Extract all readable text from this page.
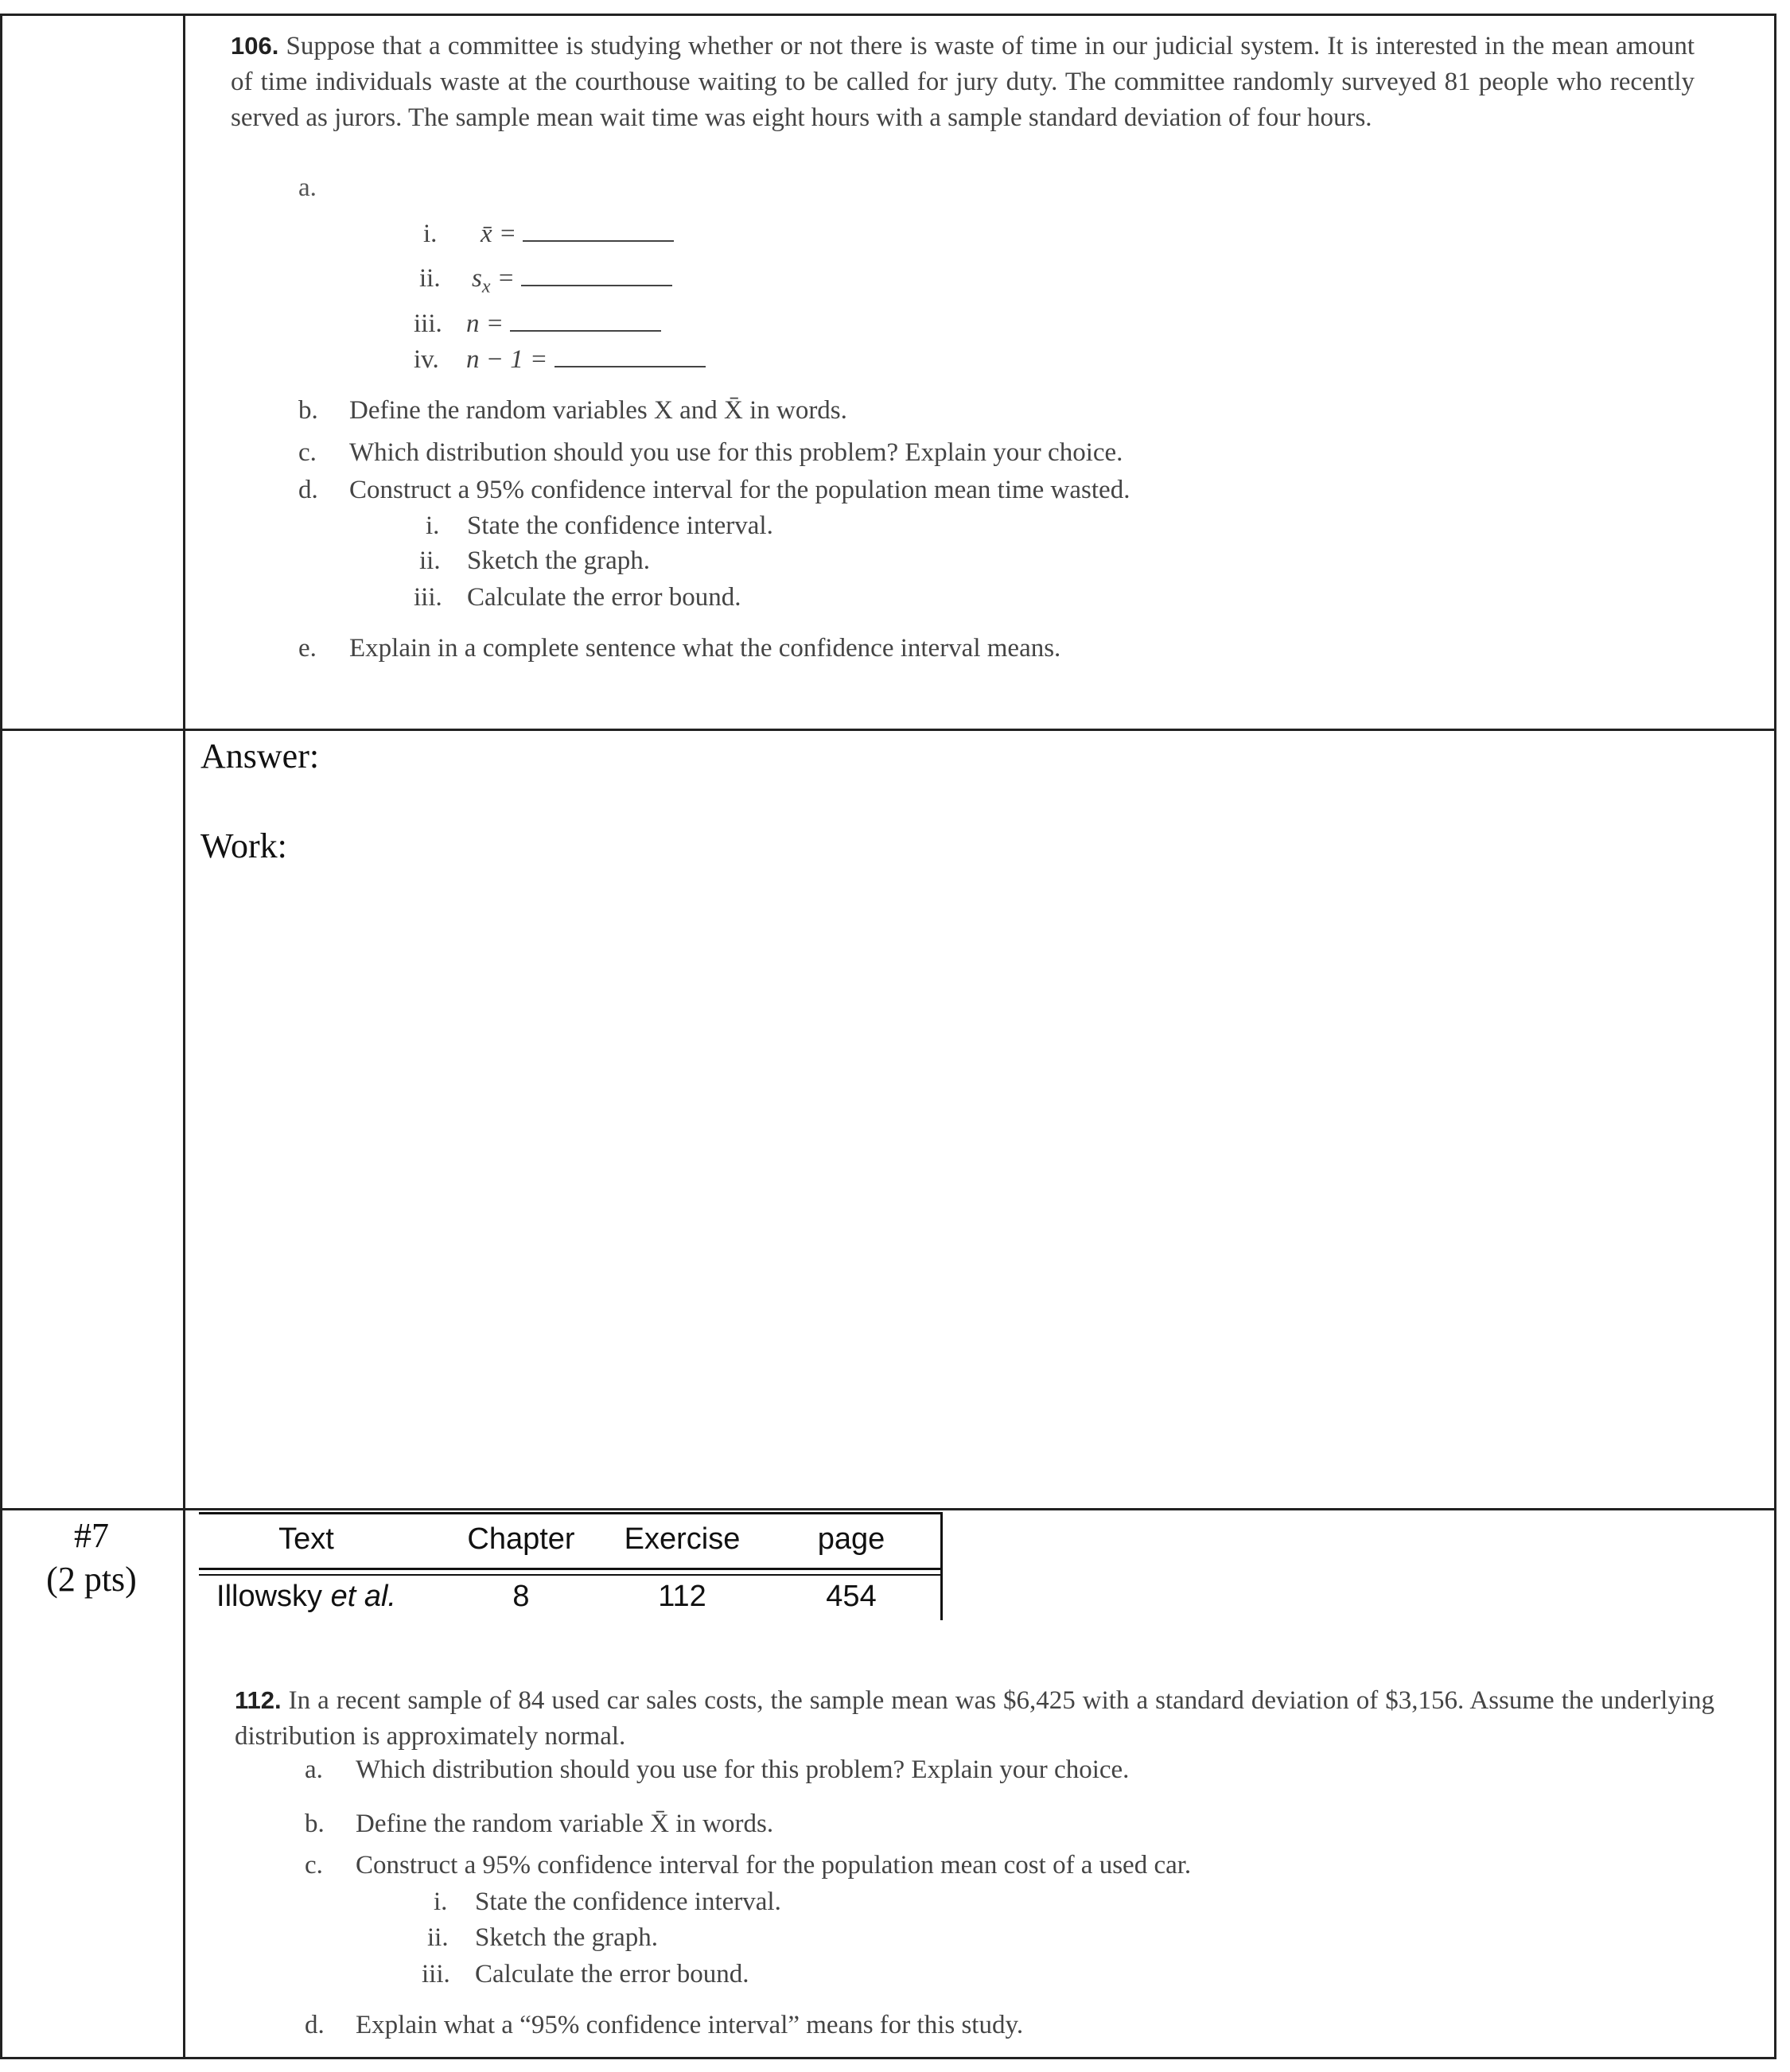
106. Suppose that a committee is studying whether or not there is waste of time in our judicial system. It is interested in the mean amount of time individuals waste at the courthouse waiting to be called for jury duty. The committee randomly surveyed 81 people who recently served as jurors. The sample mean wait time was eight hours with a sample standard deviation of four hours.
a.
i. x̄ =
ii. $s_x$ =
iii. n =
iv. n − 1 =
b. Define the random variables X and X̄ in words.
c. Which distribution should you use for this problem? Explain your choice.
d. Construct a 95% confidence interval for the population mean time wasted.
i. State the confidence interval.
ii. Sketch the graph.
iii. Calculate the error bound.
e. Explain in a complete sentence what the confidence interval means.
Answer:
Work:
#7
(2 pts)
Text	Chapter	Exercise	page
Illowsky et al.	8	112	454
112. In a recent sample of 84 used car sales costs, the sample mean was $6,425 with a standard deviation of $3,156. Assume the underlying distribution is approximately normal.
a. Which distribution should you use for this problem? Explain your choice.
b. Define the random variable X̄ in words.
c. Construct a 95% confidence interval for the population mean cost of a used car.
i. State the confidence interval.
ii. Sketch the graph.
iii. Calculate the error bound.
d. Explain what a “95% confidence interval” means for this study.
